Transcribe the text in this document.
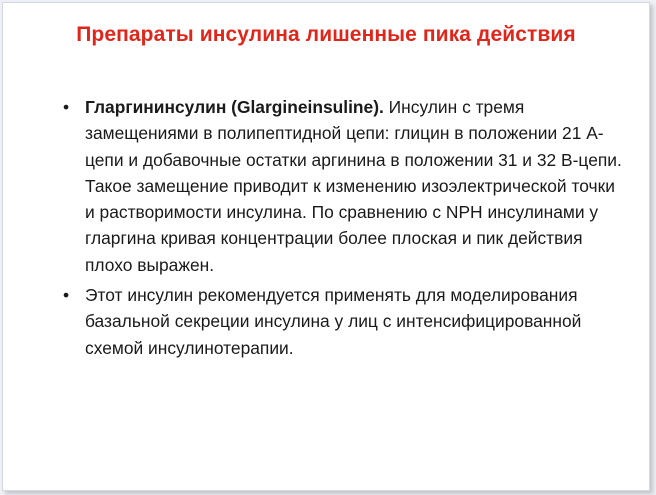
Препараты инсулина лишенные пика действия
• Гларгининсулин (Glargineinsuline). Инсулин с тремя замещениями в полипептидной цепи: глицин в положении 21 А-цепи и добавочные остатки аргинина в положении 31 и 32 В-цепи. Такое замещение приводит к изменению изоэлектрической точки и растворимости инсулина. По сравнению с NPH инсулинами у гларгина кривая концентрации более плоская и пик действия плохо выражен.
• Этот инсулин рекомендуется применять для моделирования базальной секреции инсулина у лиц с интенсифицированной схемой инсулинотерапии.
